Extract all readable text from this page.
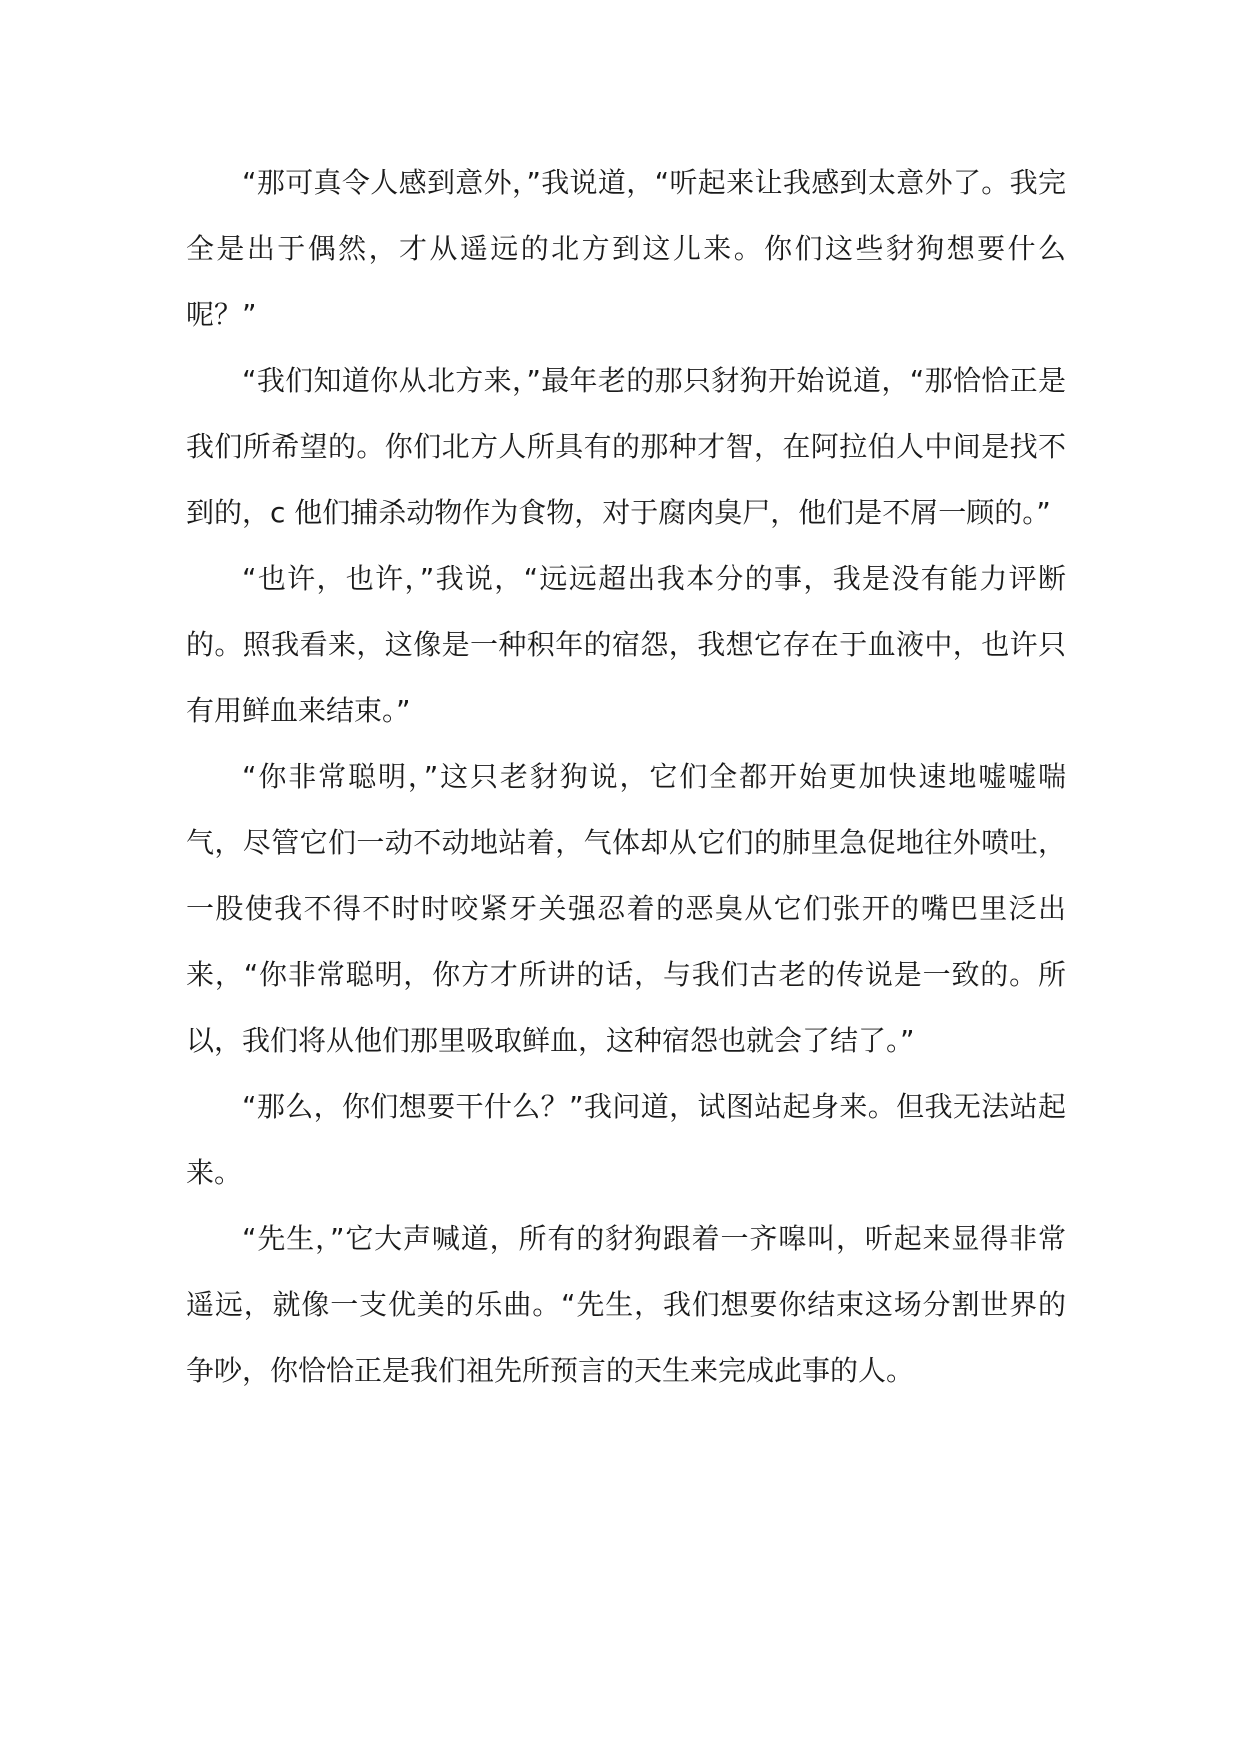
“那可真令人感到意外，”我说道，“听起来让我感到太意外了。我完全是出于偶然，才从遥远的北方到这儿来。你们这些豺狗想要什么呢？”

“我们知道你从北方来，”最年老的那只豺狗开始说道，“那恰恰正是我们所希望的。你们北方人所具有的那种才智，在阿拉伯人中间是找不到的，c 他们捕杀动物作为食物，对于腐肉臭尸，他们是不屑一顾的。”

“也许，也许，”我说，“远远超出我本分的事，我是没有能力评断的。照我看来，这像是一种积年的宿怨，我想它存在于血液中，也许只有用鲜血来结束。”

“你非常聪明，”这只老豺狗说，它们全都开始更加快速地嘘嘘喘气，尽管它们一动不动地站着，气体却从它们的肺里急促地往外喷吐，一股使我不得不时时咬紧牙关强忍着的恶臭从它们张开的嘴巴里泛出来，“你非常聪明，你方才所讲的话，与我们古老的传说是一致的。所以，我们将从他们那里吸取鲜血，这种宿怨也就会了结了。”

“那么，你们想要干什么？”我问道，试图站起身来。但我无法站起来。

“先生，”它大声喊道，所有的豺狗跟着一齐嗥叫，听起来显得非常遥远，就像一支优美的乐曲。“先生，我们想要你结束这场分割世界的争吵，你恰恰正是我们祖先所预言的天生来完成此事的人。
